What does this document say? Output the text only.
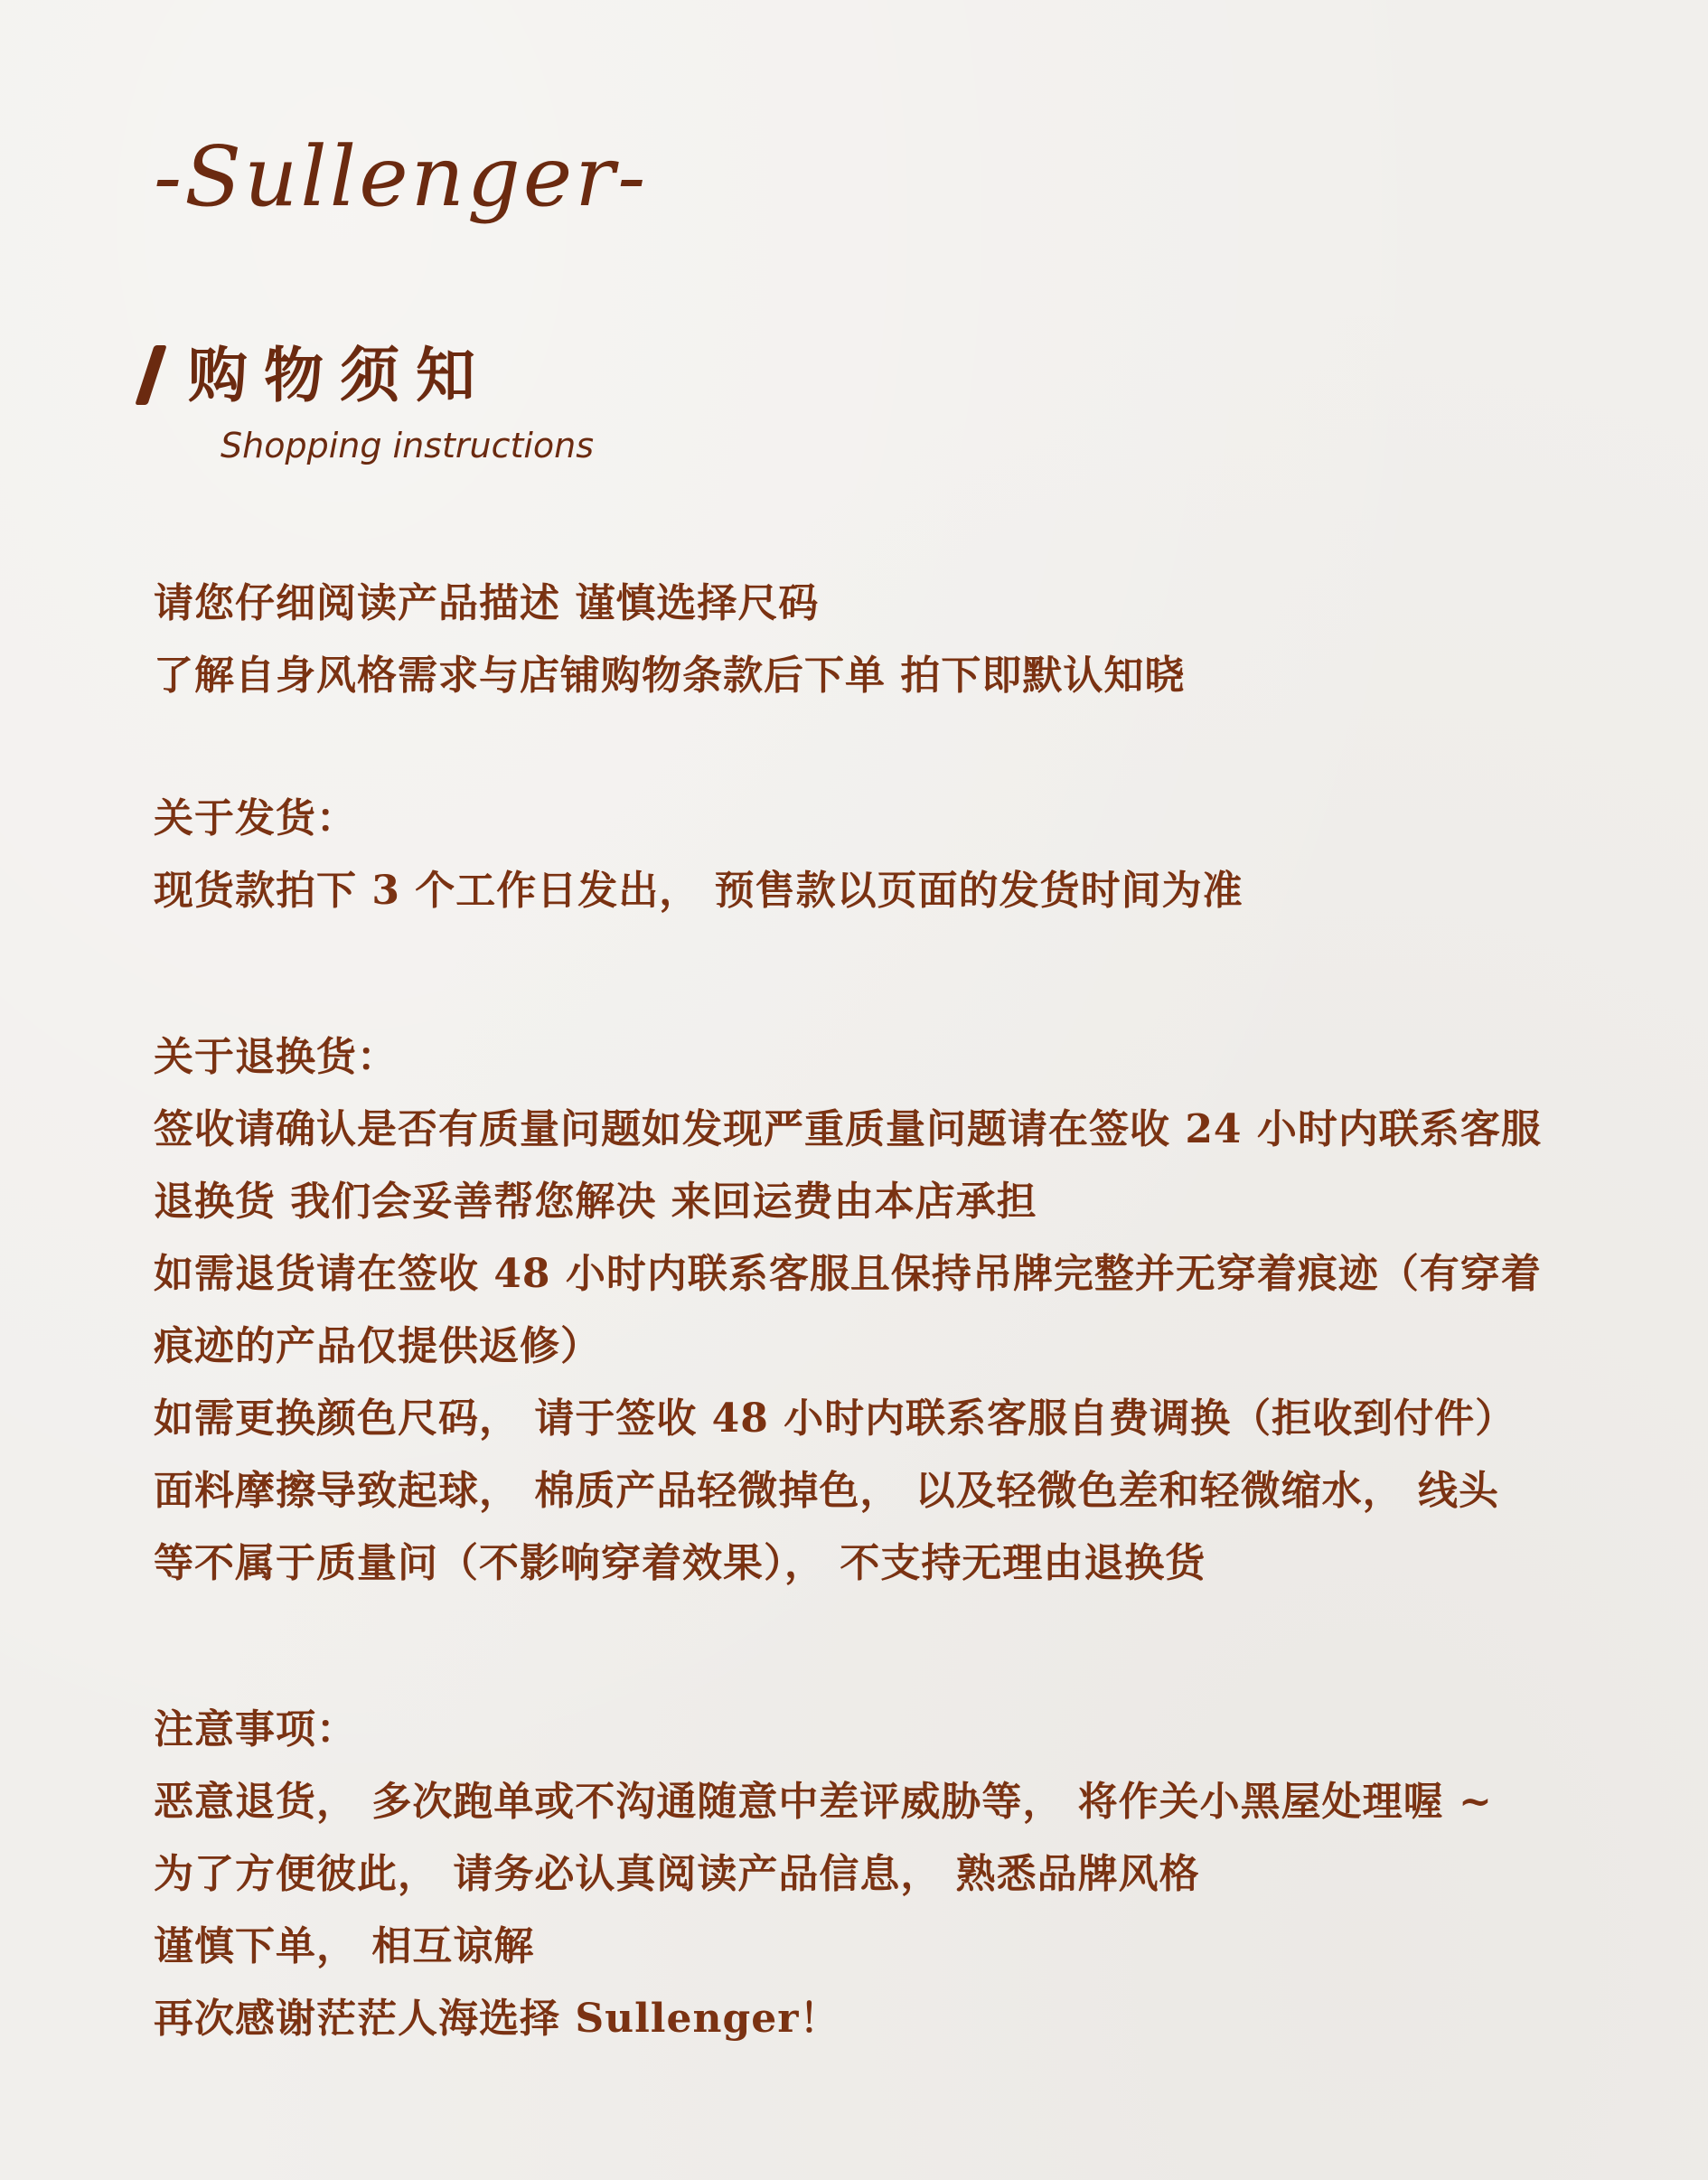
-Sullenger-
购物须知
Shopping instructions
请您仔细阅读产品描述 谨慎选择尺码
了解自身风格需求与店铺购物条款后下单 拍下即默认知晓
关于发货：
现货款拍下 3 个工作日发出， 预售款以页面的发货时间为准
关于退换货：
签收请确认是否有质量问题如发现严重质量问题请在签收 24 小时内联系客服
退换货 我们会妥善帮您解决 来回运费由本店承担
如需退货请在签收 48 小时内联系客服且保持吊牌完整并无穿着痕迹（有穿着
痕迹的产品仅提供返修）
如需更换颜色尺码， 请于签收 48 小时内联系客服自费调换（拒收到付件）
面料摩擦导致起球， 棉质产品轻微掉色， 以及轻微色差和轻微缩水， 线头
等不属于质量问（不影响穿着效果）， 不支持无理由退换货
注意事项：
恶意退货， 多次跑单或不沟通随意中差评威胁等， 将作关小黑屋处理喔 ~
为了方便彼此， 请务必认真阅读产品信息， 熟悉品牌风格
谨慎下单， 相互谅解
再次感谢茫茫人海选择 Sullenger！
